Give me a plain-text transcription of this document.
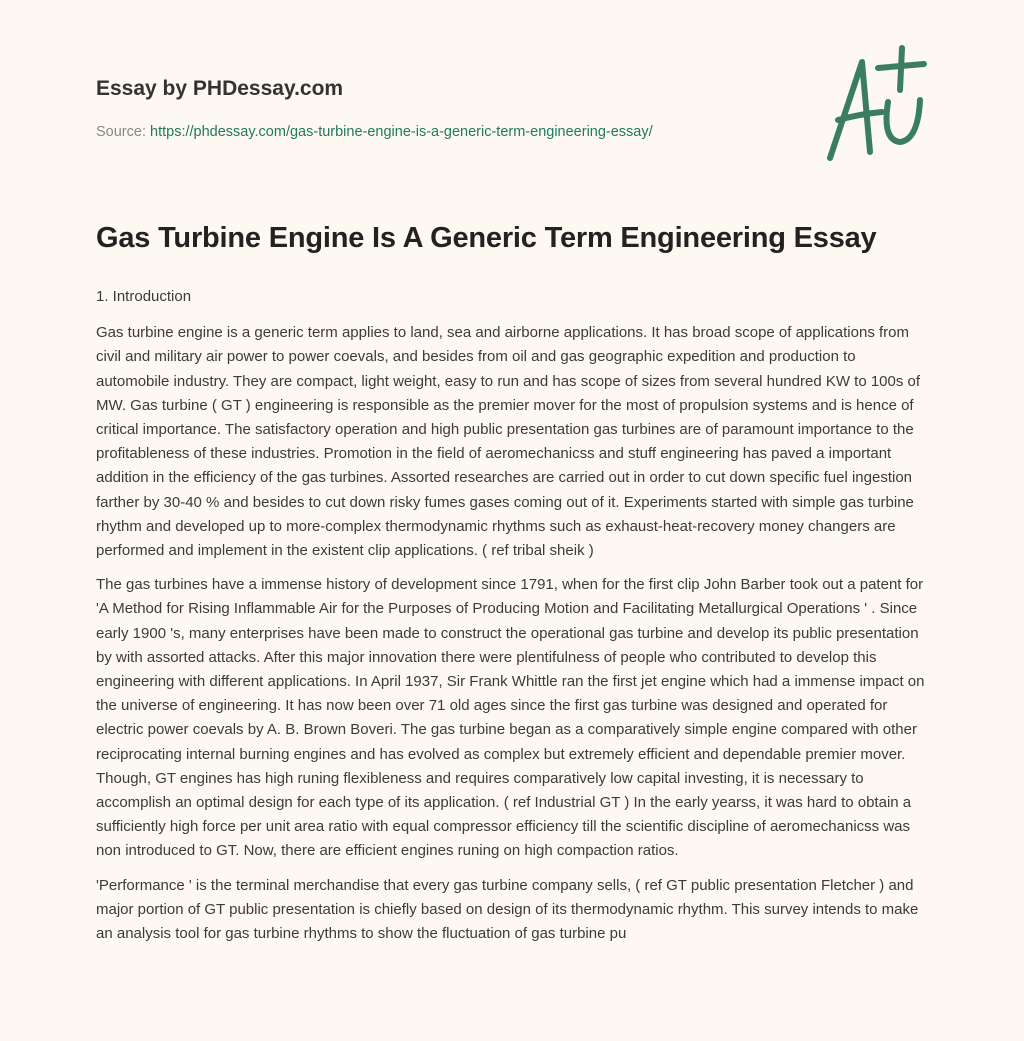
Essay by PHDessay.com
Source: https://phdessay.com/gas-turbine-engine-is-a-generic-term-engineering-essay/
Gas Turbine Engine Is A Generic Term Engineering Essay

1. Introduction

Gas turbine engine is a generic term applies to land, sea and airborne applications. It has broad scope of applications from civil and military air power to power coevals, and besides from oil and gas geographic expedition and production to automobile industry. They are compact, light weight, easy to run and has scope of sizes from several hundred KW to 100s of MW. Gas turbine ( GT ) engineering is responsible as the premier mover for the most of propulsion systems and is hence of critical importance. The satisfactory operation and high public presentation gas turbines are of paramount importance to the profitableness of these industries. Promotion in the field of aeromechanicss and stuff engineering has paved a important addition in the efficiency of the gas turbines. Assorted researches are carried out in order to cut down specific fuel ingestion farther by 30-40 % and besides to cut down risky fumes gases coming out of it. Experiments started with simple gas turbine rhythm and developed up to more-complex thermodynamic rhythms such as exhaust-heat-recovery money changers are performed and implement in the existent clip applications. ( ref tribal sheik )

The gas turbines have a immense history of development since 1791, when for the first clip John Barber took out a patent for 'A Method for Rising Inflammable Air for the Purposes of Producing Motion and Facilitating Metallurgical Operations ' . Since early 1900 's, many enterprises have been made to construct the operational gas turbine and develop its public presentation by with assorted attacks. After this major innovation there were plentifulness of people who contributed to develop this engineering with different applications. In April 1937, Sir Frank Whittle ran the first jet engine which had a immense impact on the universe of engineering. It has now been over 71 old ages since the first gas turbine was designed and operated for electric power coevals by A. B. Brown Boveri. The gas turbine began as a comparatively simple engine compared with other reciprocating internal burning engines and has evolved as complex but extremely efficient and dependable premier mover. Though, GT engines has high runing flexibleness and requires comparatively low capital investing, it is necessary to accomplish an optimal design for each type of its application. ( ref Industrial GT ) In the early yearss, it was hard to obtain a sufficiently high force per unit area ratio with equal compressor efficiency till the scientific discipline of aeromechanicss was non introduced to GT. Now, there are efficient engines runing on high compaction ratios.

'Performance ' is the terminal merchandise that every gas turbine company sells, ( ref GT public presentation Fletcher ) and major portion of GT public presentation is chiefly based on design of its thermodynamic rhythm. This survey intends to make an analysis tool for gas turbine rhythms to show the fluctuation of gas turbine pu
